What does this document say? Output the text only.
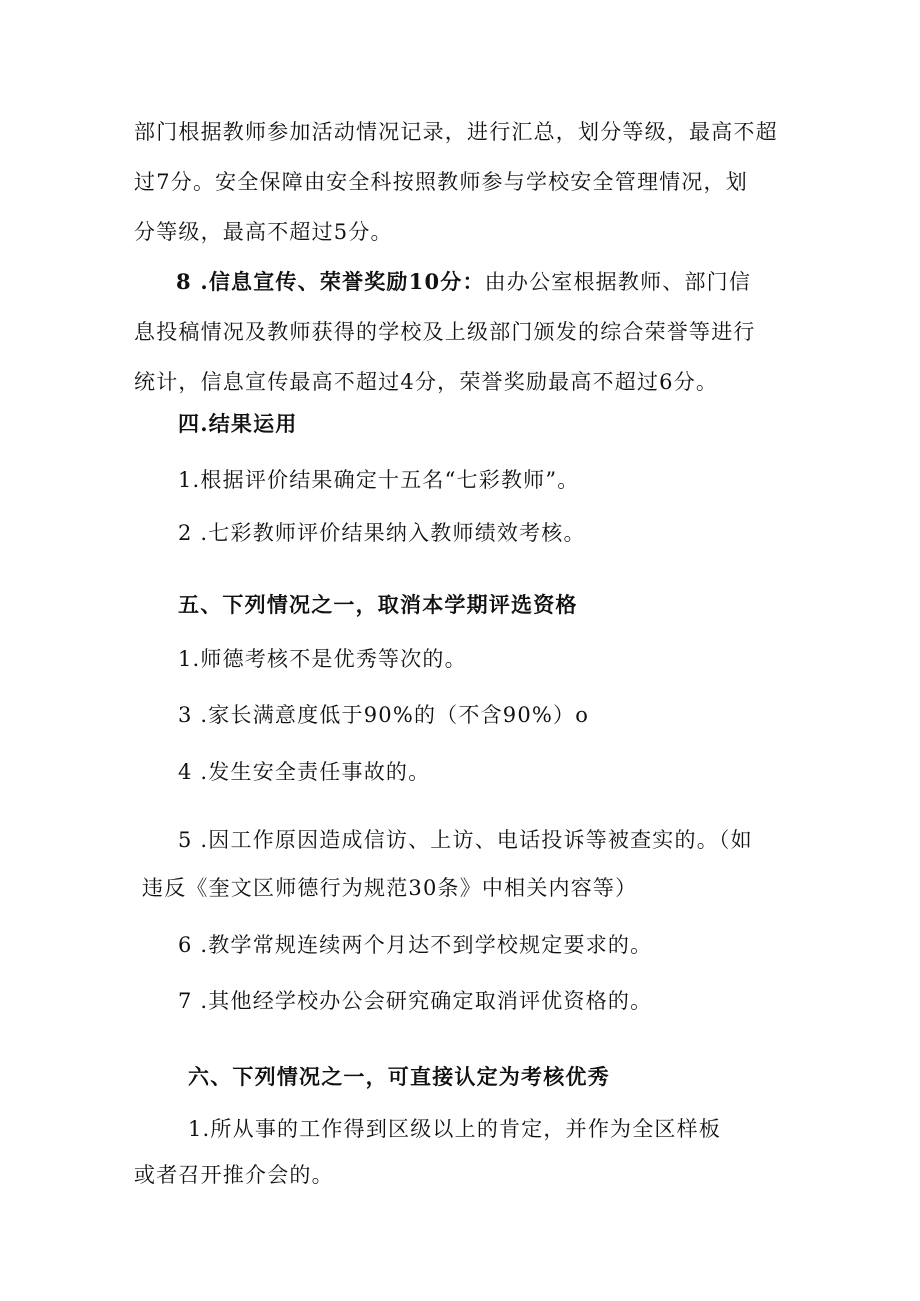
部门根据教师参加活动情况记录，进行汇总，划分等级，最高不超
过7分。安全保障由安全科按照教师参与学校安全管理情况，划
分等级，最高不超过5分。
8 .信息宣传、荣誉奖励10分：由办公室根据教师、部门信
息投稿情况及教师获得的学校及上级部门颁发的综合荣誉等进行
统计，信息宣传最高不超过4分，荣誉奖励最高不超过6分。
四.结果运用
1.根据评价结果确定十五名“七彩教师”。
2 .七彩教师评价结果纳入教师绩效考核。
五、下列情况之一，取消本学期评选资格
1.师德考核不是优秀等次的。
3 .家长满意度低于90%的（不含90%）o
4 .发生安全责任事故的。
5 .因工作原因造成信访、上访、电话投诉等被查实的。（如
违反《奎文区师德行为规范30条》中相关内容等）
6 .教学常规连续两个月达不到学校规定要求的。
7 .其他经学校办公会研究确定取消评优资格的。
六、下列情况之一，可直接认定为考核优秀
1.所从事的工作得到区级以上的肯定，并作为全区样板
或者召开推介会的。
